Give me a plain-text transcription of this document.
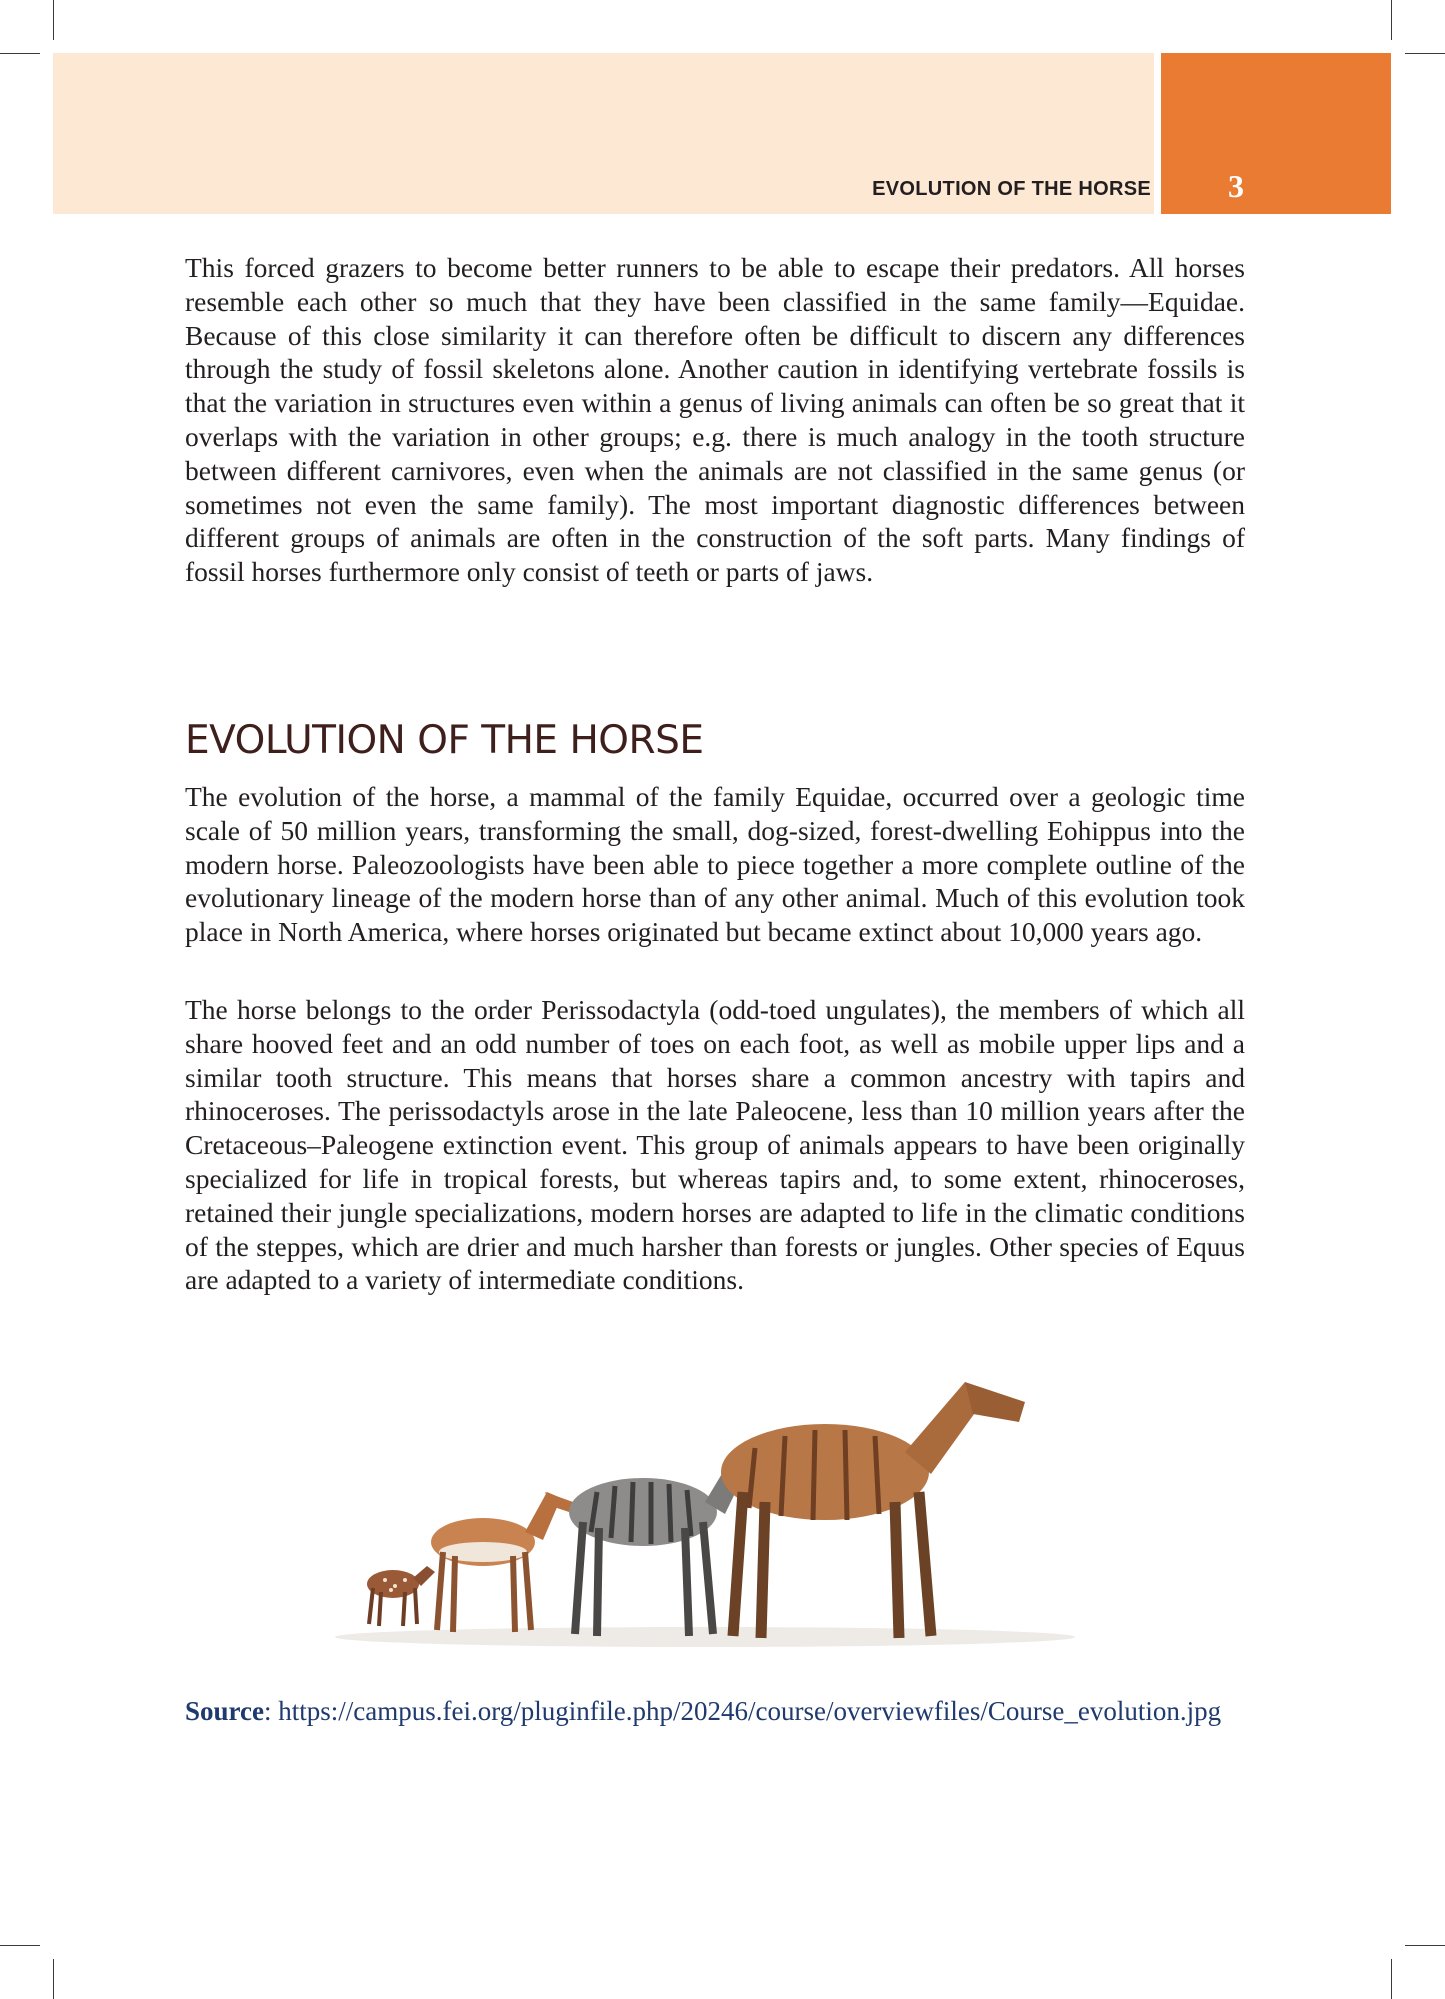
EVOLUTION OF THE HORSE	3

This forced grazers to become better runners to be able to escape their predators. All horses resemble each other so much that they have been classified in the same family—Equidae. Because of this close similarity it can therefore often be difficult to discern any differences through the study of fossil skeletons alone. Another caution in identifying vertebrate fossils is that the variation in structures even within a genus of living animals can often be so great that it overlaps with the variation in other groups; e.g. there is much analogy in the tooth structure between different carnivores, even when the animals are not classified in the same genus (or sometimes not even the same family). The most important diagnostic differences between different groups of animals are often in the construction of the soft parts. Many findings of fossil horses furthermore only consist of teeth or parts of jaws.

EVOLUTION OF THE HORSE

The evolution of the horse, a mammal of the family Equidae, occurred over a geologic time scale of 50 million years, transforming the small, dog-sized, forest-dwelling Eohippus into the modern horse. Paleozoologists have been able to piece together a more complete outline of the evolutionary lineage of the modern horse than of any other animal. Much of this evolution took place in North America, where horses originated but became extinct about 10,000 years ago.

The horse belongs to the order Perissodactyla (odd-toed ungulates), the members of which all share hooved feet and an odd number of toes on each foot, as well as mobile upper lips and a similar tooth structure. This means that horses share a common ancestry with tapirs and rhinoceroses. The perissodactyls arose in the late Paleocene, less than 10 million years after the Cretaceous–Paleogene extinction event. This group of animals appears to have been originally specialized for life in tropical forests, but whereas tapirs and, to some extent, rhinoceroses, retained their jungle specializations, modern horses are adapted to life in the climatic conditions of the steppes, which are drier and much harsher than forests or jungles. Other species of Equus are adapted to a variety of intermediate conditions.

Source: https://campus.fei.org/pluginfile.php/20246/course/overviewfiles/Course_evolution.jpg
